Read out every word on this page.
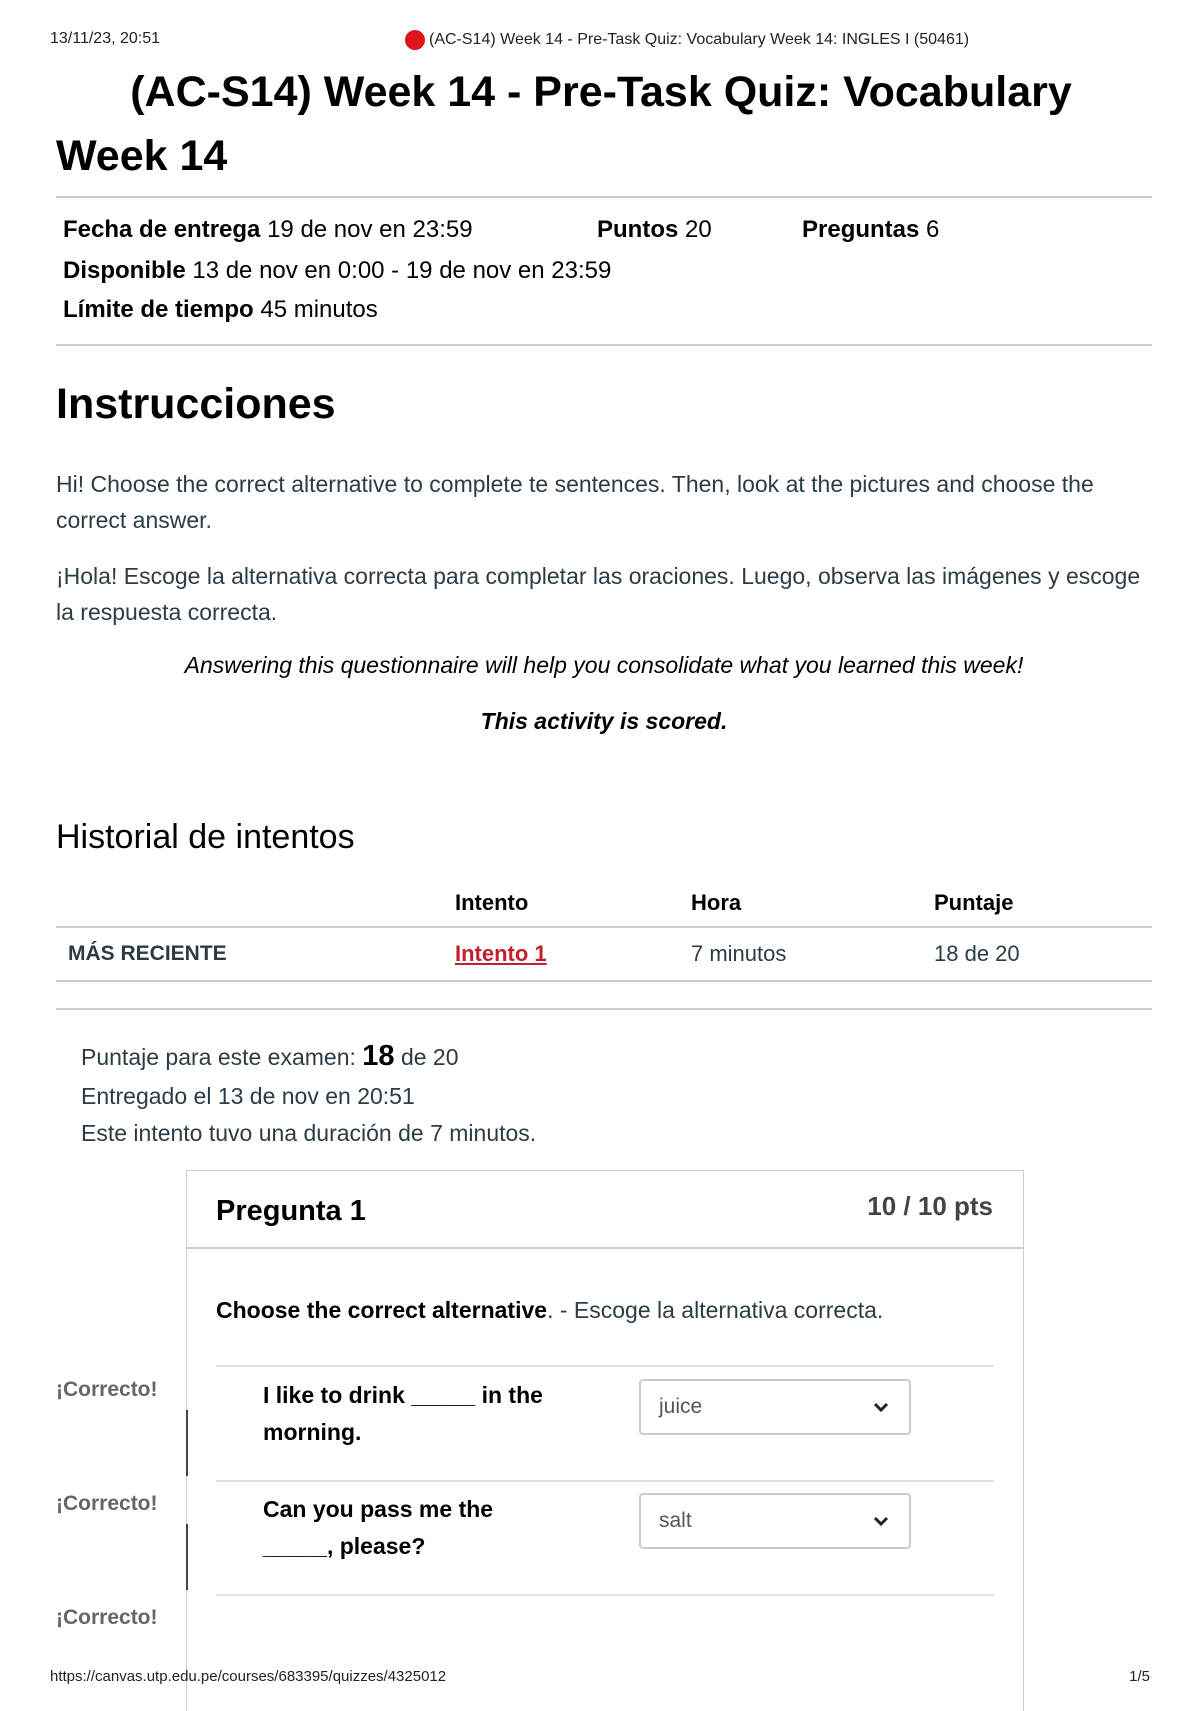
13/11/23, 20:51	(AC-S14) Week 14 - Pre-Task Quiz: Vocabulary Week 14: INGLES I (50461)
(AC-S14) Week 14 - Pre-Task Quiz: Vocabulary
Week 14
Fecha de entrega 19 de nov en 23:59	Puntos 20	Preguntas 6
Disponible 13 de nov en 0:00 - 19 de nov en 23:59
Límite de tiempo 45 minutos
Instrucciones

Hi! Choose the correct alternative to complete te sentences. Then, look at the pictures and choose the correct answer.

¡Hola! Escoge la alternativa correcta para completar las oraciones. Luego, observa las imágenes y escoge la respuesta correcta.

Answering this questionnaire will help you consolidate what you learned this week!

This activity is scored.

Historial de intentos
	Intento	Hora	Puntaje
MÁS RECIENTE	Intento 1	7 minutos	18 de 20
Puntaje para este examen: 18 de 20
Entregado el 13 de nov en 20:51
Este intento tuvo una duración de 7 minutos.
Pregunta 1	10 / 10 pts
Choose the correct alternative. - Escoge la alternativa correcta.
I like to drink _____ in the
morning.
juice
Can you pass me the
_____, please?
salt
¡Correcto!
¡Correcto!
¡Correcto!
https://canvas.utp.edu.pe/courses/683395/quizzes/4325012	1/5
